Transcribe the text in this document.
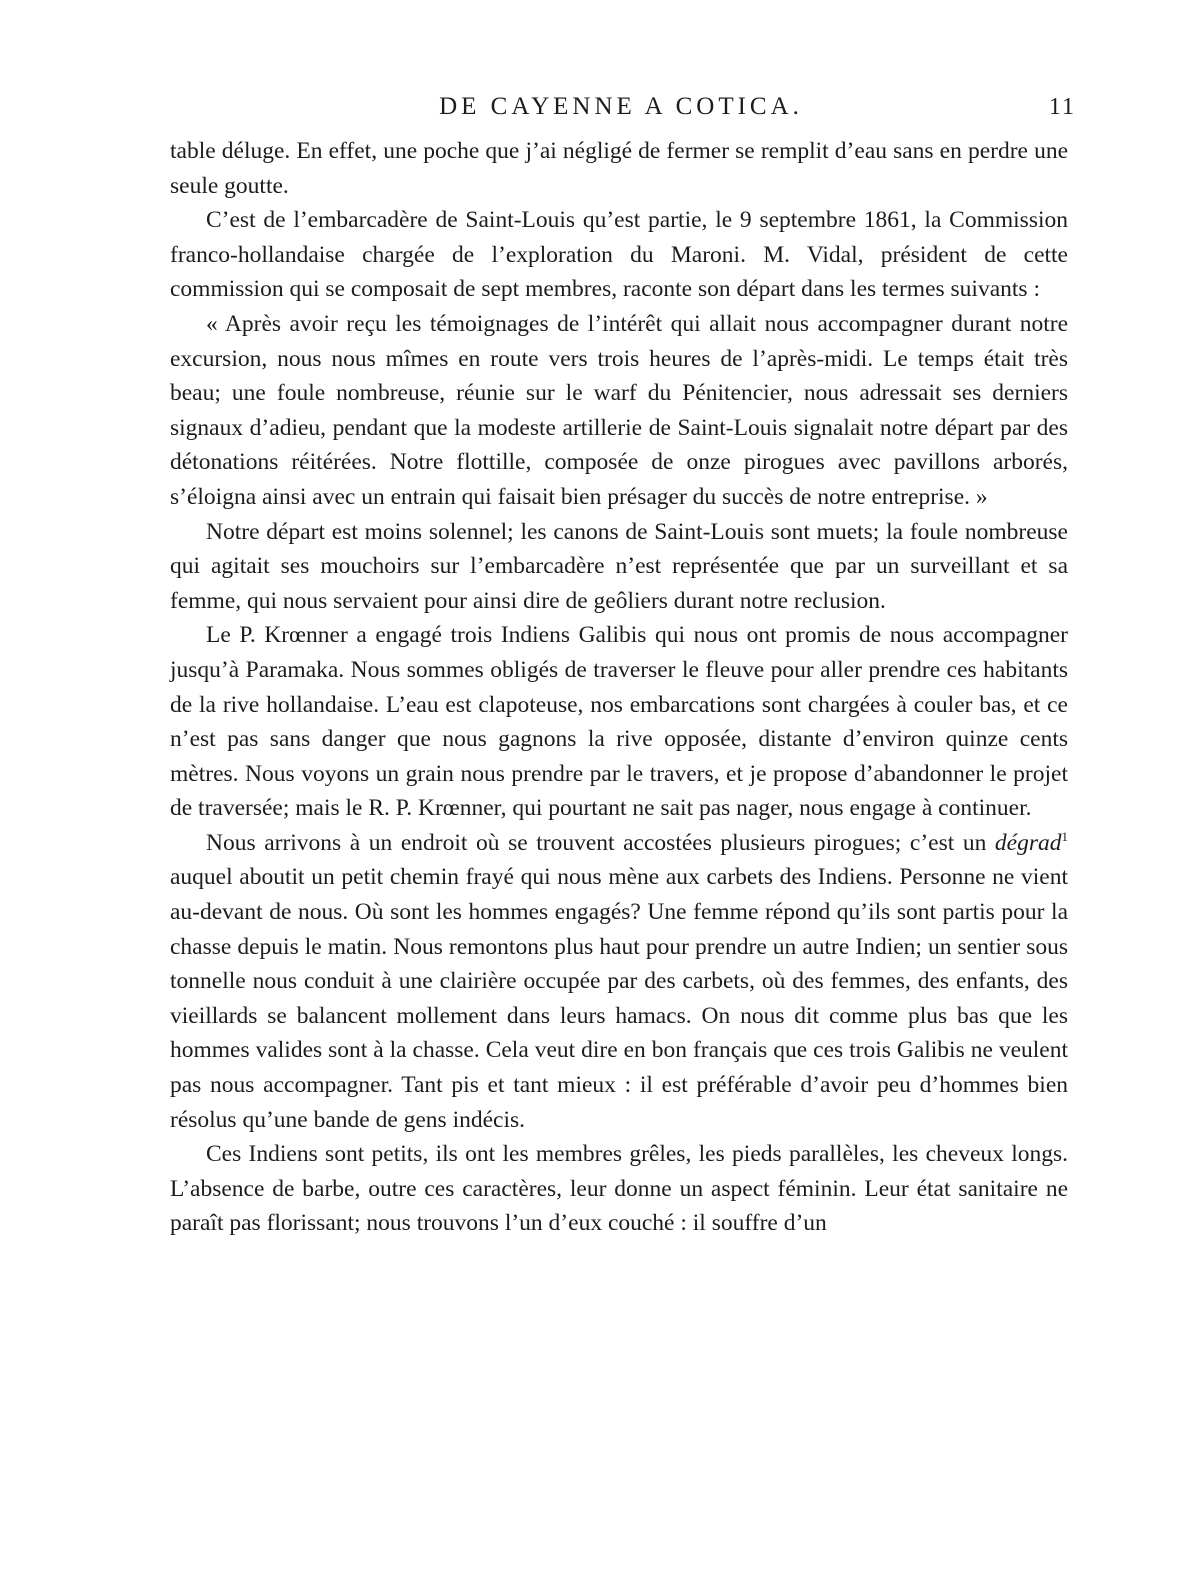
DE CAYENNE A COTICA.	11

table déluge. En effet, une poche que j’ai négligé de fermer se remplit d’eau sans en perdre une seule goutte.

C’est de l’embarcadère de Saint-Louis qu’est partie, le 9 septembre 1861, la Commission franco-hollandaise chargée de l’exploration du Maroni. M. Vidal, président de cette commission qui se composait de sept membres, raconte son départ dans les termes suivants :

« Après avoir reçu les témoignages de l’intérêt qui allait nous accompagner durant notre excursion, nous nous mîmes en route vers trois heures de l’après-midi. Le temps était très beau; une foule nombreuse, réunie sur le warf du Pénitencier, nous adressait ses derniers signaux d’adieu, pendant que la modeste artillerie de Saint-Louis signalait notre départ par des détonations réitérées. Notre flottille, composée de onze pirogues avec pavillons arborés, s’éloigna ainsi avec un entrain qui faisait bien présager du succès de notre entreprise. »

Notre départ est moins solennel; les canons de Saint-Louis sont muets; la foule nombreuse qui agitait ses mouchoirs sur l’embarcadère n’est représentée que par un surveillant et sa femme, qui nous servaient pour ainsi dire de geôliers durant notre reclusion.

Le P. Krœnner a engagé trois Indiens Galibis qui nous ont promis de nous accompagner jusqu’à Paramaka. Nous sommes obligés de traverser le fleuve pour aller prendre ces habitants de la rive hollandaise. L’eau est clapoteuse, nos embarcations sont chargées à couler bas, et ce n’est pas sans danger que nous gagnons la rive opposée, distante d’environ quinze cents mètres. Nous voyons un grain nous prendre par le travers, et je propose d’abandonner le projet de traversée; mais le R. P. Krœnner, qui pourtant ne sait pas nager, nous engage à continuer.

Nous arrivons à un endroit où se trouvent accostées plusieurs pirogues; c’est un dégrad$^1$ auquel aboutit un petit chemin frayé qui nous mène aux carbets des Indiens. Personne ne vient au-devant de nous. Où sont les hommes engagés? Une femme répond qu’ils sont partis pour la chasse depuis le matin. Nous remontons plus haut pour prendre un autre Indien; un sentier sous tonnelle nous conduit à une clairière occupée par des carbets, où des femmes, des enfants, des vieillards se balancent mollement dans leurs hamacs. On nous dit comme plus bas que les hommes valides sont à la chasse. Cela veut dire en bon français que ces trois Galibis ne veulent pas nous accompagner. Tant pis et tant mieux : il est préférable d’avoir peu d’hommes bien résolus qu’une bande de gens indécis.

Ces Indiens sont petits, ils ont les membres grêles, les pieds parallèles, les cheveux longs. L’absence de barbe, outre ces caractères, leur donne un aspect féminin. Leur état sanitaire ne paraît pas florissant; nous trouvons l’un d’eux couché : il souffre d’un
